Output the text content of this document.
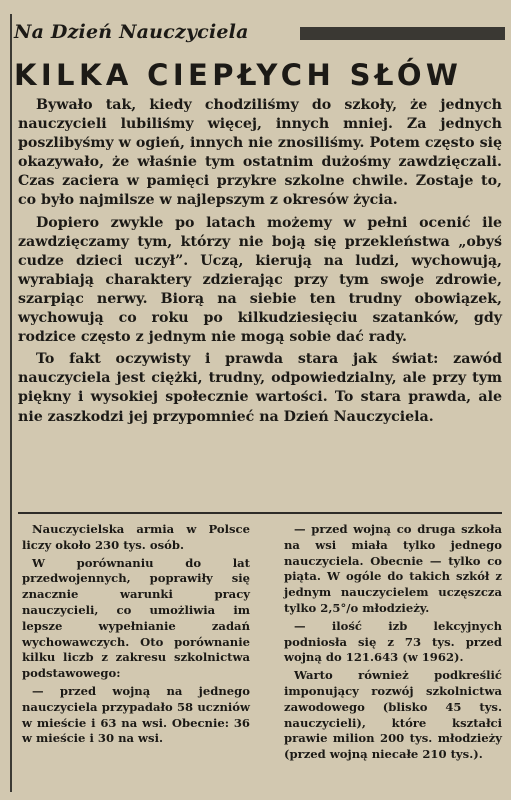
Na Dzień Nauczyciela
KILKA CIEPŁYCH SŁÓW

Bywało tak, kiedy chodziliśmy do szkoły, że jednych nauczycieli lubiliśmy więcej, innych mniej. Za jednych poszlibyśmy w ogień, innych nie znosiliśmy. Potem często się okazywało, że właśnie tym ostatnim dużośmy zawdzięczali. Czas zaciera w pamięci przykre szkolne chwile. Zostaje to, co było najmilsze w najlepszym z okresów życia.

Dopiero zwykle po latach możemy w pełni ocenić ile zawdzięczamy tym, którzy nie boją się przekleństwa „obyś cudze dzieci uczył”. Uczą, kierują na ludzi, wychowują, wyrabiają charaktery zdzierając przy tym swoje zdrowie, szarpiąc nerwy. Biorą na siebie ten trudny obowiązek, wychowują co roku po kilkudziesięciu szatanków, gdy rodzice często z jednym nie mogą sobie dać rady.

To fakt oczywisty i prawda stara jak świat: zawód nauczyciela jest ciężki, trudny, odpowiedzialny, ale przy tym piękny i wysokiej społecznie wartości. To stara prawda, ale nie zaszkodzi jej przypomnieć na Dzień Nauczyciela.

Nauczycielska armia w Polsce liczy około 230 tys. osób.

W porównaniu do lat przedwojennych, poprawiły się znacznie warunki pracy nauczycieli, co umożliwia im lepsze wypełnianie zadań wychowawczych. Oto porównanie kilku liczb z zakresu szkolnictwa podstawowego:

— przed wojną na jednego nauczyciela przypadało 58 uczniów w mieście i 63 na wsi. Obecnie: 36 w mieście i 30 na wsi.

— przed wojną co druga szkoła na wsi miała tylko jednego nauczyciela. Obecnie — tylko co piąta. W ogóle do takich szkół z jednym nauczycielem uczęszcza tylko 2,5°/o młodzieży.

— ilość izb lekcyjnych podniosła się z 73 tys. przed wojną do 121.643 (w 1962).

Warto również podkreślić imponujący rozwój szkolnictwa zawodowego (blisko 45 tys. nauczycieli), które kształci prawie milion 200 tys. młodzieży (przed wojną niecałe 210 tys.).
